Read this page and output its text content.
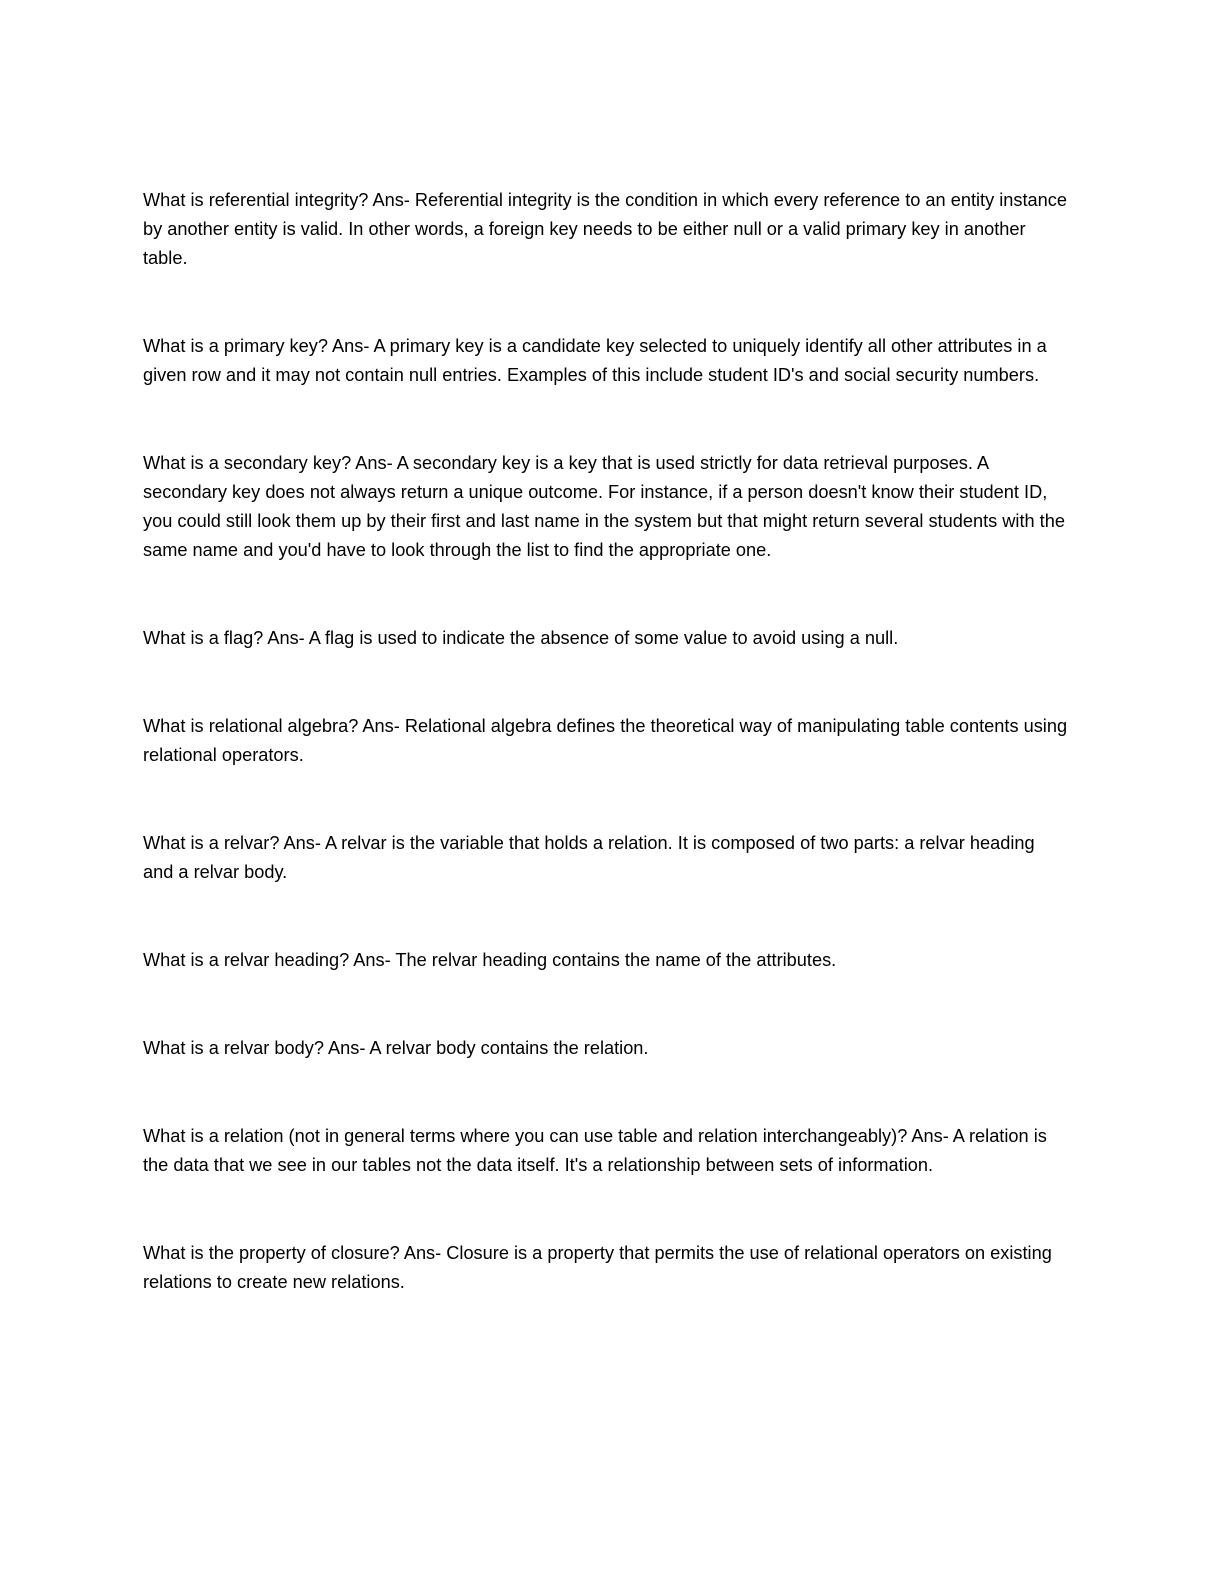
What is referential integrity? Ans- Referential integrity is the condition in which every reference to an entity instance by another entity is valid. In other words, a foreign key needs to be either null or a valid primary key in another table.

What is a primary key? Ans- A primary key is a candidate key selected to uniquely identify all other attributes in a given row and it may not contain null entries. Examples of this include student ID's and social security numbers.

What is a secondary key? Ans- A secondary key is a key that is used strictly for data retrieval purposes. A secondary key does not always return a unique outcome. For instance, if a person doesn't know their student ID, you could still look them up by their first and last name in the system but that might return several students with the same name and you'd have to look through the list to find the appropriate one.

What is a flag? Ans- A flag is used to indicate the absence of some value to avoid using a null.

What is relational algebra? Ans- Relational algebra defines the theoretical way of manipulating table contents using relational operators.

What is a relvar? Ans- A relvar is the variable that holds a relation. It is composed of two parts: a relvar heading and a relvar body.

What is a relvar heading? Ans- The relvar heading contains the name of the attributes.

What is a relvar body? Ans- A relvar body contains the relation.

What is a relation (not in general terms where you can use table and relation interchangeably)? Ans- A relation is the data that we see in our tables not the data itself. It's a relationship between sets of information.

What is the property of closure? Ans- Closure is a property that permits the use of relational operators on existing relations to create new relations.
